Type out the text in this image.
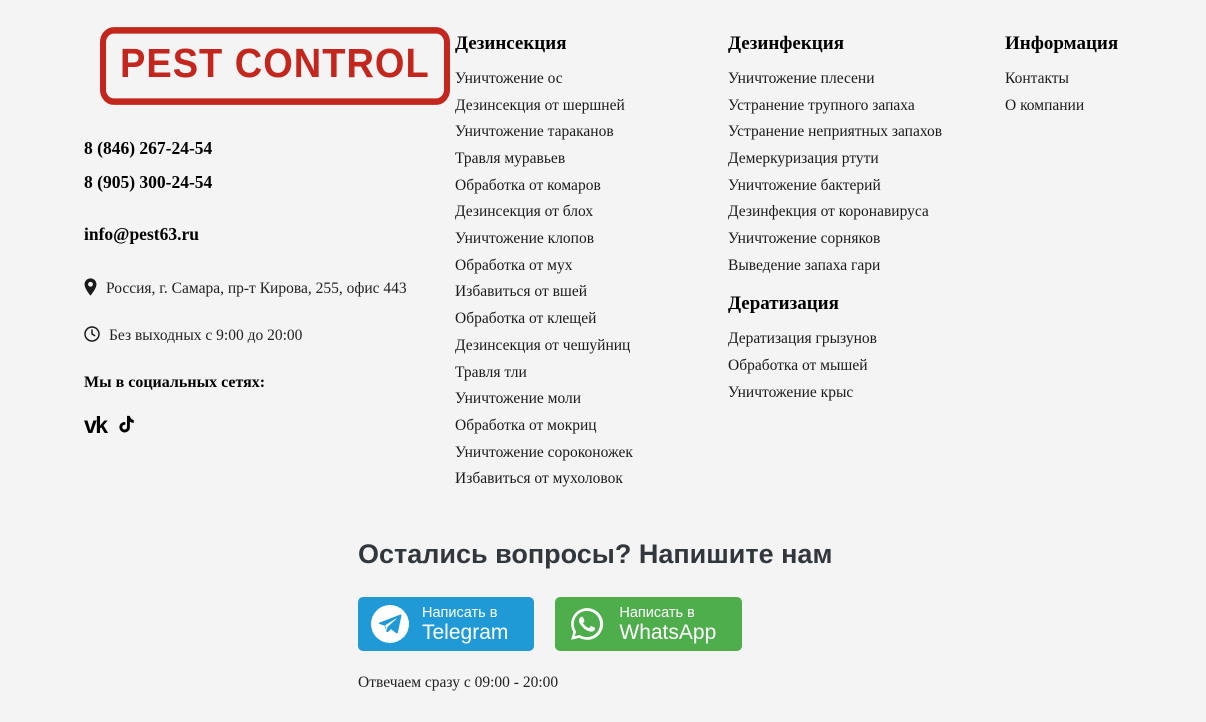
PEST CONTROL
8 (846) 267-24-54
8 (905) 300-24-54
info@pest63.ru
Россия, г. Самара, пр-т Кирова, 255, офис 443
Без выходных с 9:00 до 20:00
Мы в социальных сетях:
vk
Дезинсекция
Уничтожение ос
Дезинсекция от шершней
Уничтожение тараканов
Травля муравьев
Обработка от комаров
Дезинсекция от блох
Уничтожение клопов
Обработка от мух
Избавиться от вшей
Обработка от клещей
Дезинсекция от чешуйниц
Травля тли
Уничтожение моли
Обработка от мокриц
Уничтожение сороконожек
Избавиться от мухоловок
Дезинфекция
Уничтожение плесени
Устранение трупного запаха
Устранение неприятных запахов
Демеркуризация ртути
Уничтожение бактерий
Дезинфекция от коронавируса
Уничтожение сорняков
Выведение запаха гари
Дератизация
Дератизация грызунов
Обработка от мышей
Уничтожение крыс
Информация
Контакты
О компании
Остались вопросы? Напишите нам
Написать в
Telegram
Написать в
WhatsApp
Отвечаем сразу с 09:00 - 20:00
